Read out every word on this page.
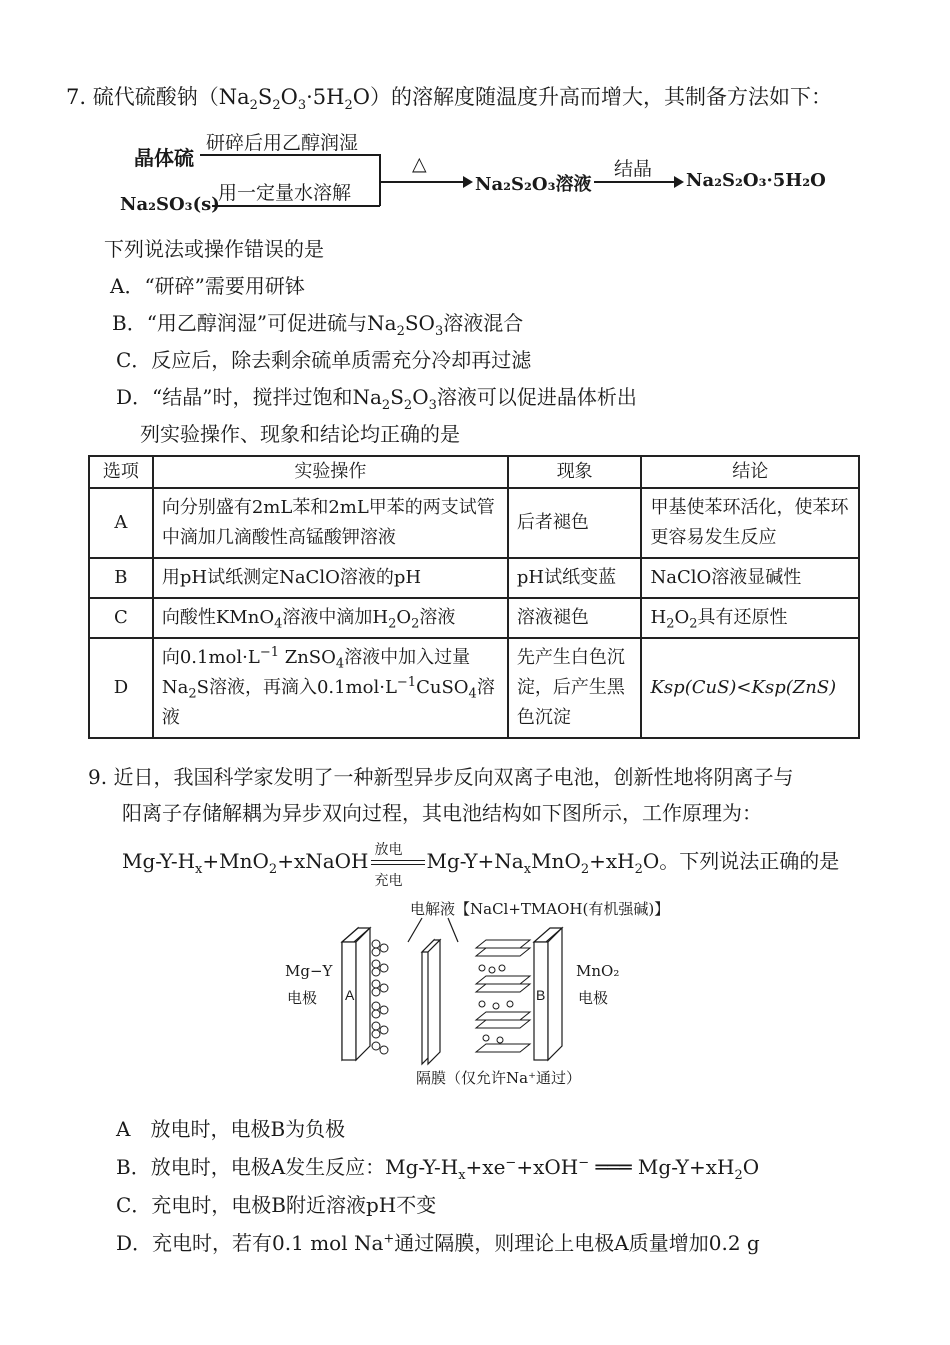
7. 硫代硫酸钠$(Na_2S_2O_3\cdot 5H_2O)$的溶解度随温度升高而增大，其制备方法如下：
晶体硫
Na₂SO₃(s)
研碎后用乙醇润湿
用一定量水溶解
△
Na₂S₂O₃溶液
结晶
Na₂S₂O₃·5H₂O
下列说法或操作错误的是
A．“研碎”需要用研钵
B．“用乙醇润湿”可促进硫与$Na_2SO_3$溶液混合
C．反应后，除去剩余硫单质需充分冷却再过滤
D．“结晶”时，搅拌过饱和$Na_2S_2O_3$溶液可以促进晶体析出
列实验操作、现象和结论均正确的是
选项	实验操作	现象	结论
A	向分别盛有2mL苯和2mL甲苯的两支试管中滴加几滴酸性高锰酸钾溶液	后者褪色	甲基使苯环活化，使苯环更容易发生反应
B	用pH试纸测定NaClO溶液的pH	pH试纸变蓝	NaClO溶液显碱性
C	向酸性KMnO$_4$溶液中滴加$H_2O_2$溶液	溶液褪色	$H_2O_2$具有还原性
D	向$0.1mol\cdot L^{-1}$ ZnSO$_4$溶液中加入过量$Na_2S$溶液，再滴入$0.1mol\cdot L^{-1}CuSO_4$溶液	先产生白色沉淀，后产生黑色沉淀	Ksp(CuS)<Ksp(ZnS)
9. 近日，我国科学家发明了一种新型异步反向双离子电池，创新性地将阴离子与
阳离子存储解耦为异步双向过程，其电池结构如下图所示，工作原理为：
$Mg-Y-H_x+MnO_2+xNaOH$ 放电
充电
$Mg-Y+Na_xMnO_2+xH_2O$。下列说法正确的是
电解液【NaCl+TMAOH(有机强碱)】
Mg−Y
电极
MnO₂
电极
隔膜（仅允许Na⁺通过）
A	B
A　放电时，电极B为负极
B．放电时，电极A发生反应：$Mg-Y-H_x+xe^-+xOH^-$ ═══ $Mg-Y+xH_2O$
C．充电时，电极B附近溶液pH不变
D．充电时，若有0.1 mol Na+通过隔膜，则理论上电极A质量增加0.2 g
